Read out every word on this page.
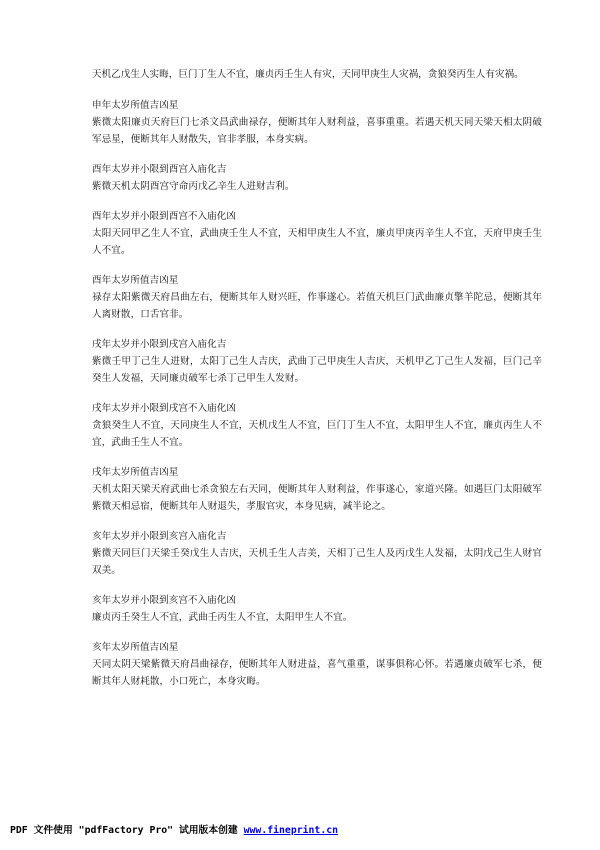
天机乙戊生人实晦，巨门丁生人不宜，廉贞丙壬生人有灾，天同甲庚生人灾祸，贪狼癸丙生人有灾祸。

申年太岁所值吉凶星

紫微太阳廉贞天府巨门七杀文昌武曲禄存，便断其年人财利益，喜事重重。若遇天机天同天梁天相太阴破军忌星，便断其年人财散失，官非孝服，本身实病。

酉年太岁并小限到酉宫入庙化吉

紫微天机太阴酉宫守命丙戊乙辛生人进财吉利。

酉年太岁并小限到酉宫不入庙化凶

太阳天同甲乙生人不宜，武曲庚壬生人不宜，天相甲庚生人不宜，廉贞甲庚丙辛生人不宜，天府甲庚壬生人不宜。

酉年太岁所值吉凶星

禄存太阳紫微天府昌曲左右，便断其年人财兴旺，作事遂心。若值天机巨门武曲廉贞擎羊陀忌，便断其年人离财散，口舌官非。

戌年太岁并小限到戌宫入庙化吉

紫微壬甲丁己生人进财，太阳丁己生人吉庆，武曲丁己甲庚生人吉庆，天机甲乙丁己生人发福，巨门己辛癸生人发福，天同廉贞破军七杀丁己甲生人发财。

戌年太岁并小限到戌宫不入庙化凶

贪狼癸生人不宜，天同庚生人不宜，天机戊生人不宜，巨门丁生人不宜，太阳甲生人不宜，廉贞丙生人不宜，武曲壬生人不宜。

戌年太岁所值吉凶星

天机太阳天梁天府武曲七杀贪狼左右天同，便断其年人财利益，作事遂心，家道兴隆。如遇巨门太阳破军紫微天相忌宿，便断其年人财退失，孝服官灾，本身见病，减半论之。

亥年太岁并小限到亥宫入庙化吉

紫微天同巨门天梁壬癸戊生人吉庆，天机壬生人吉美，天相丁己生人及丙戊生人发福，太阴戊己生人财官双美。

亥年太岁并小限到亥宫不入庙化凶

廉贞丙壬癸生人不宜，武曲壬丙生人不宜，太阳甲生人不宜。

亥年太岁所值吉凶星

天同太阴天梁紫微天府昌曲禄存，便断其年人财进益，喜气重重，谋事俱称心怀。若遇廉贞破军七杀，便断其年人财耗散，小口死亡，本身灾晦。

PDF 文件使用 "pdfFactory Pro" 试用版本创建 www.fineprint.cn
